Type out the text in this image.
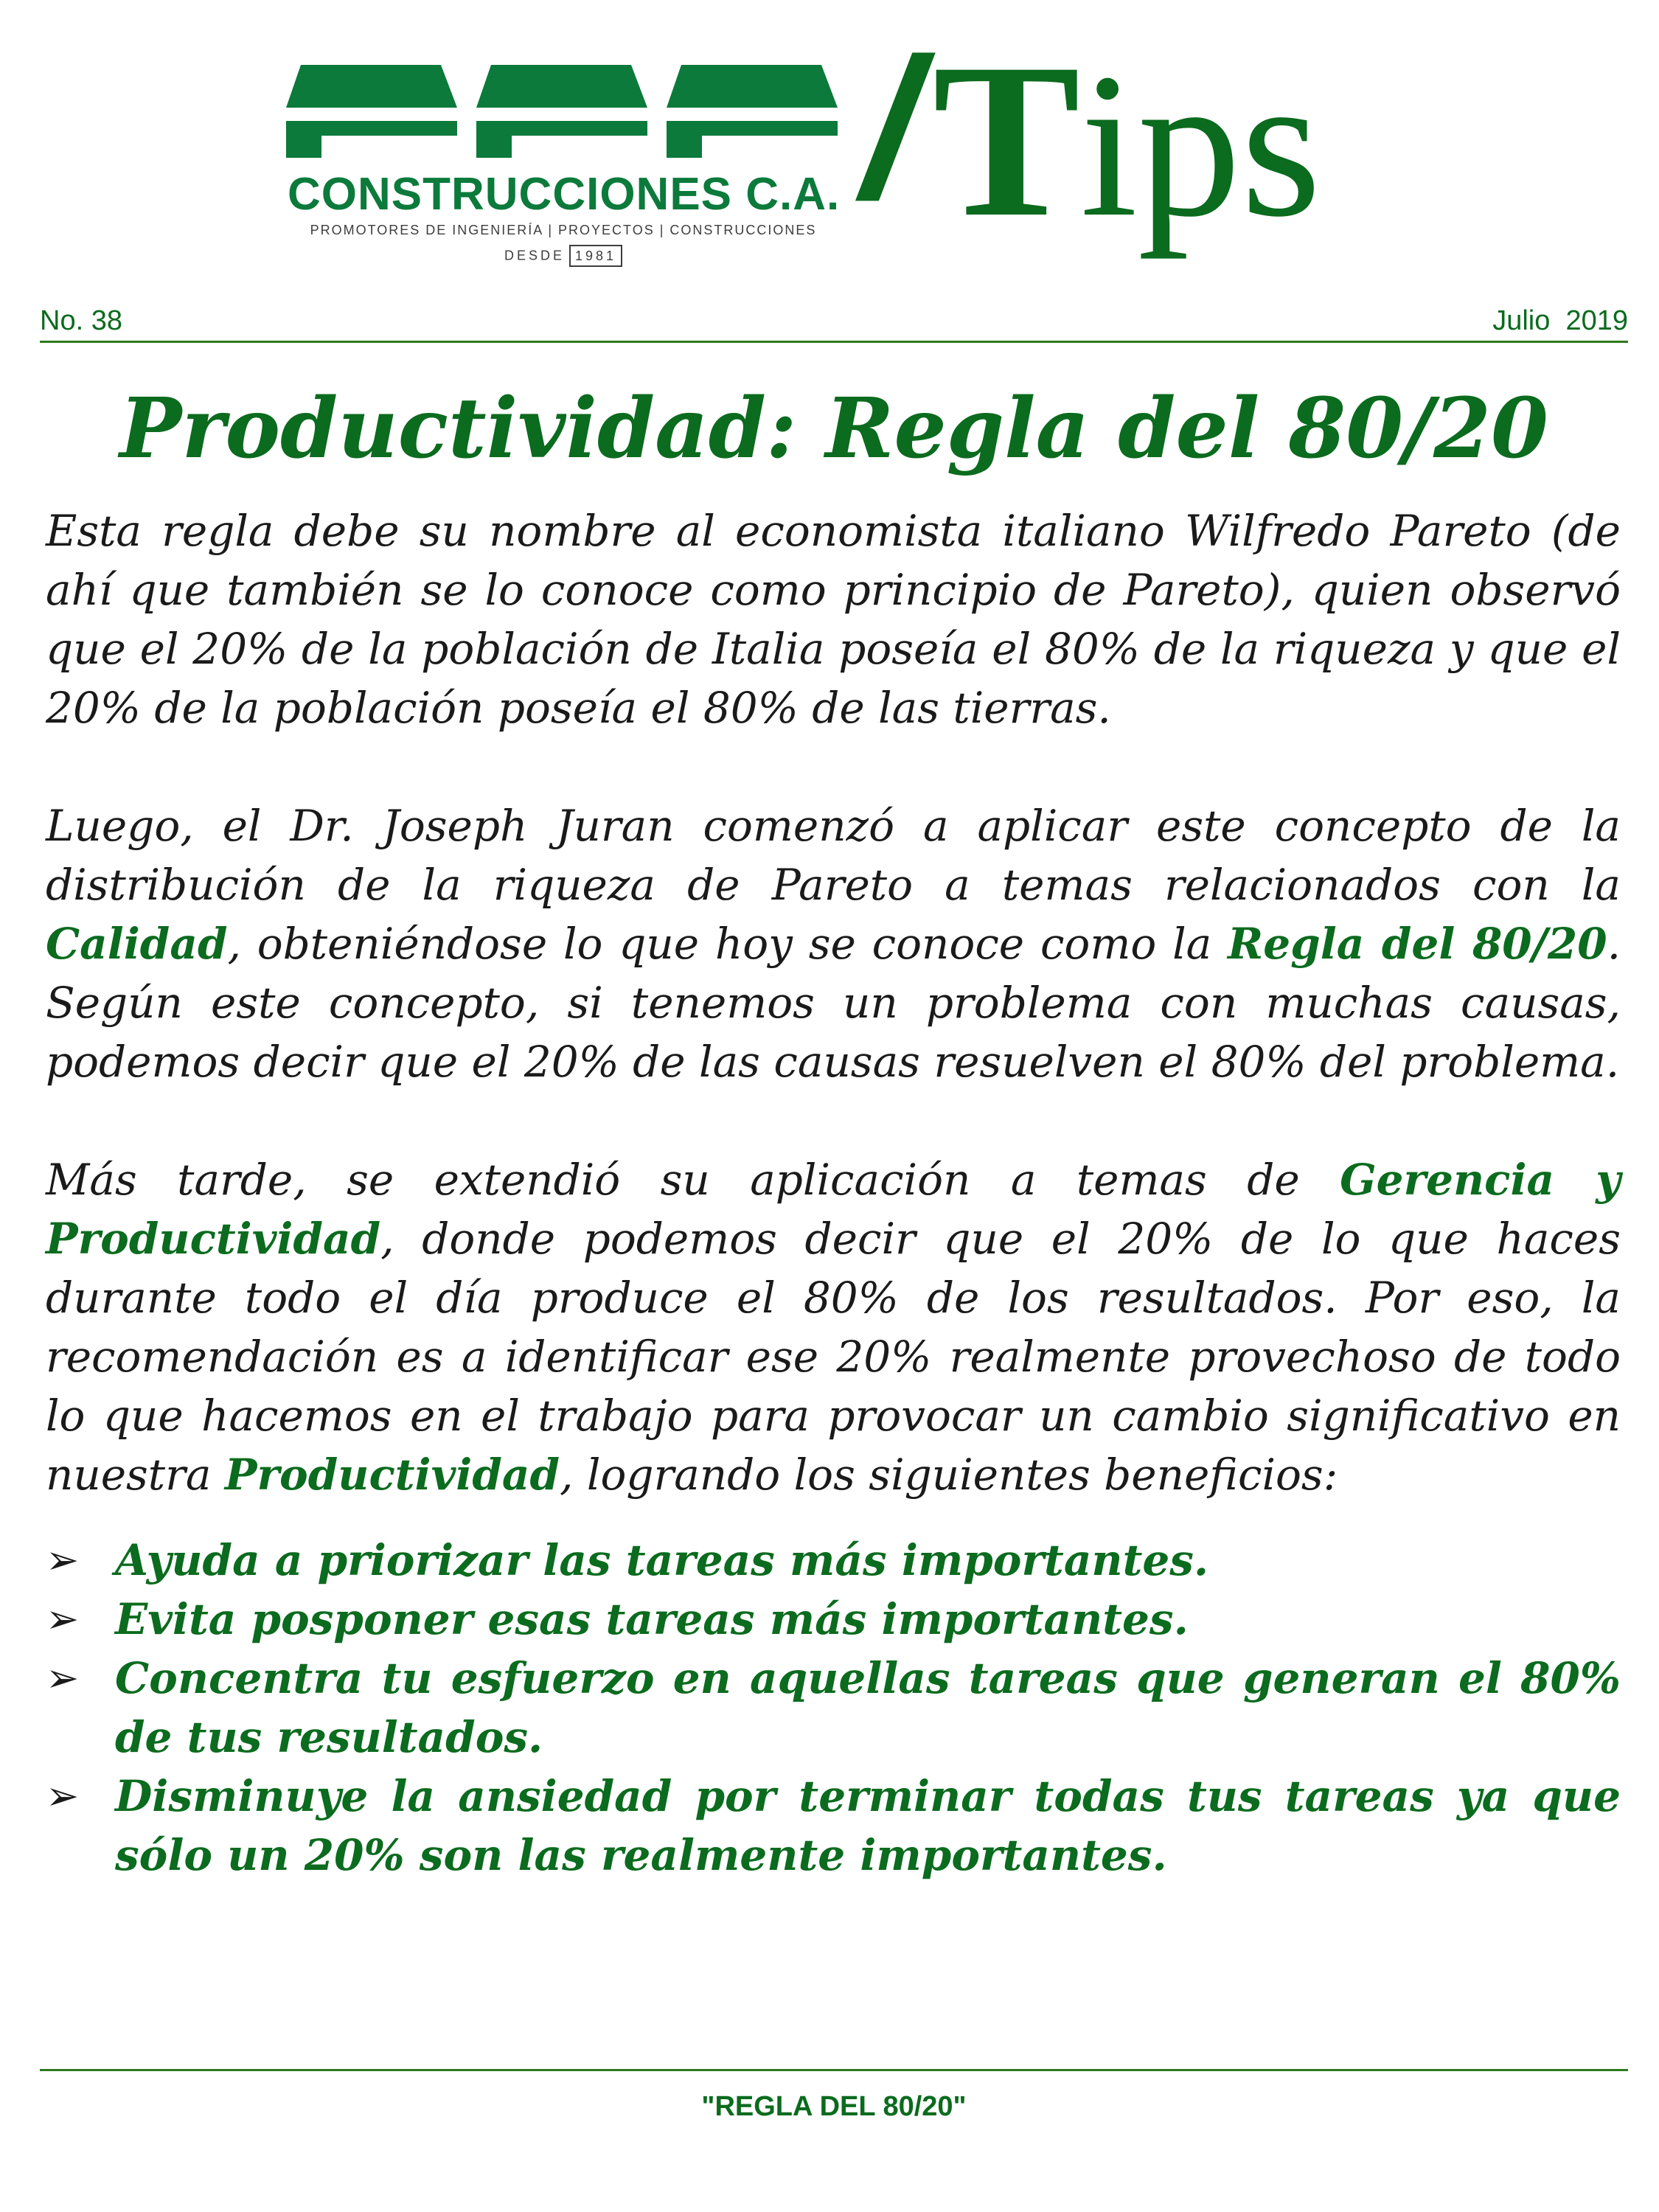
CONSTRUCCIONES C.A.
PROMOTORES DE INGENIERÍA | PROYECTOS | CONSTRUCCIONES
DESDE 1981
/Tips
No. 38	Julio  2019
Productividad: Regla del 80/20

Esta regla debe su nombre al economista italiano Wilfredo Pareto (de ahí que también se lo conoce como principio de Pareto), quien observó que el 20% de la población de Italia poseía el 80% de la riqueza y que el 20% de la población poseía el 80% de las tierras.

Luego, el Dr. Joseph Juran comenzó a aplicar este concepto de la distribución de la riqueza de Pareto a temas relacionados con la Calidad, obteniéndose lo que hoy se conoce como la Regla del 80/20. Según este concepto, si tenemos un problema con muchas causas, podemos decir que el 20% de las causas resuelven el 80% del problema.

Más tarde, se extendió su aplicación a temas de Gerencia y Productividad, donde podemos decir que el 20% de lo que haces durante todo el día produce el 80% de los resultados. Por eso, la recomendación es a identificar ese 20% realmente provechoso de todo lo que hacemos en el trabajo para provocar un cambio significativo en nuestra Productividad, logrando los siguientes beneficios:

➢ Ayuda a priorizar las tareas más importantes.
➢ Evita posponer esas tareas más importantes.
➢ Concentra tu esfuerzo en aquellas tareas que generan el 80% de tus resultados.
➢ Disminuye la ansiedad por terminar todas tus tareas ya que sólo un 20% son las realmente importantes.
"REGLA DEL 80/20"
